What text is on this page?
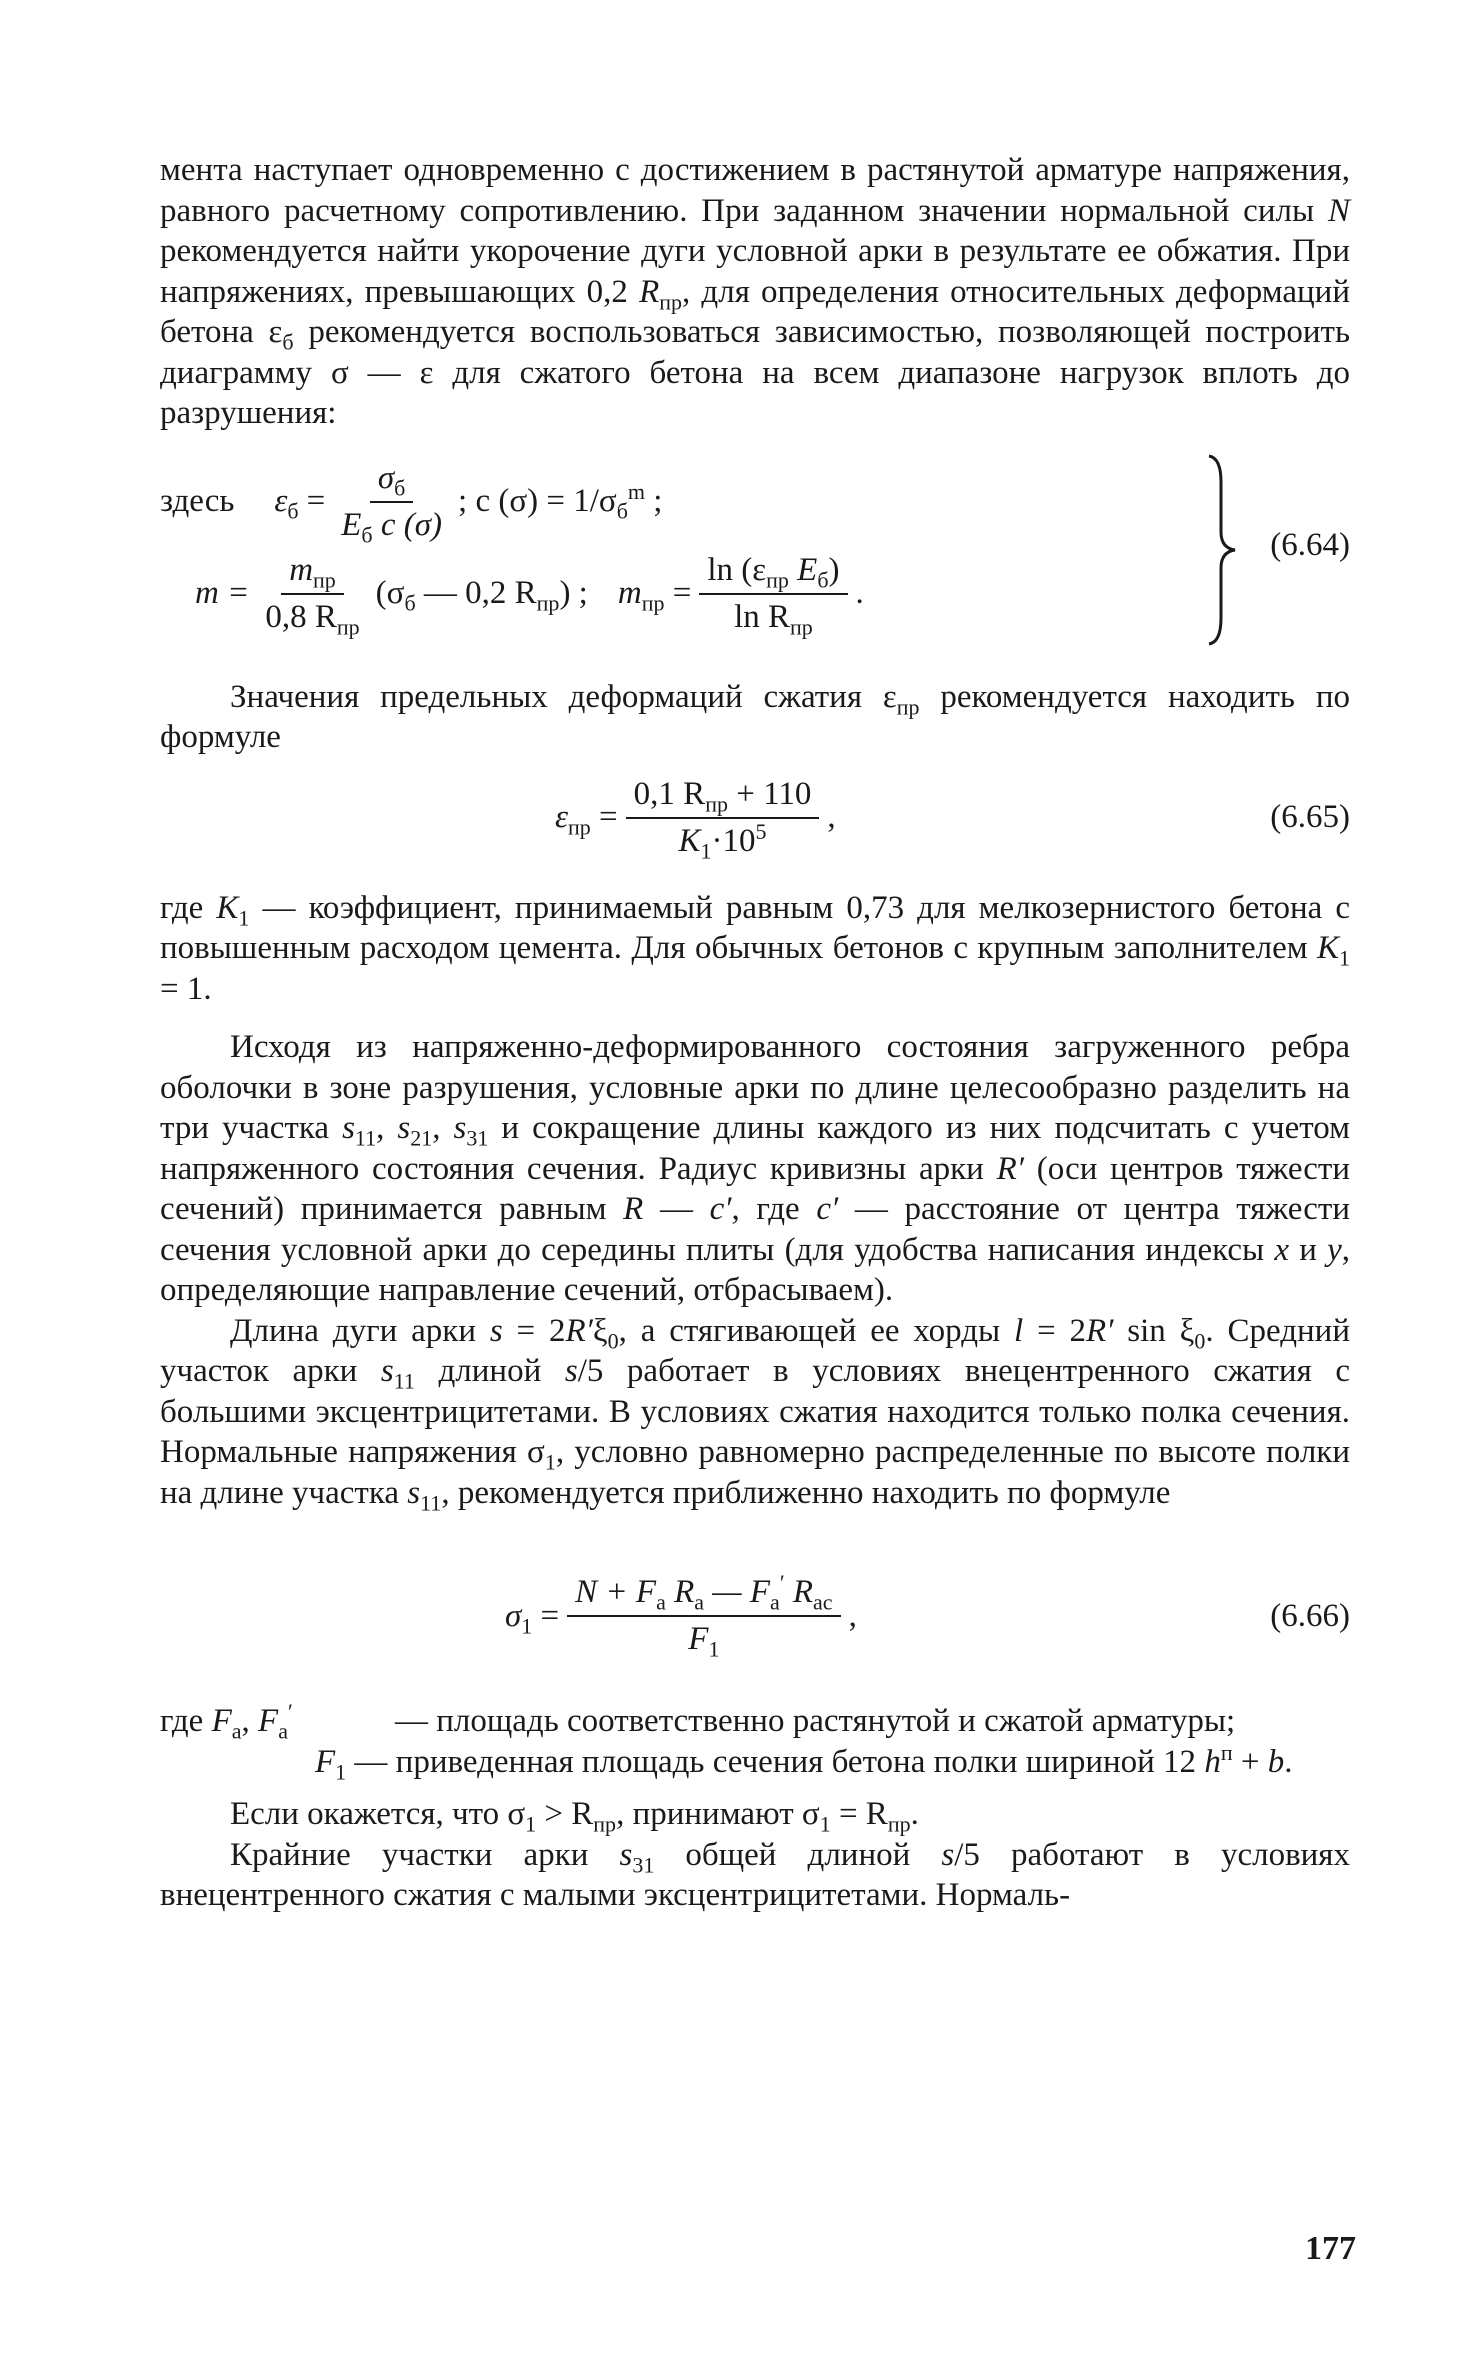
мента наступает одновременно с достижением в растянутой арматуре напряжения, равного расчетному сопротивлению. При заданном значении нормальной силы N рекомендуется найти укорочение дуги условной арки в результате ее обжатия. При напряжениях, превышающих 0,2 $R_{пр}$, для определения относительных деформаций бетона $\varepsilon_б$ рекомендуется воспользоваться зависимостью, позволяющей построить диаграмму σ — ε для сжатого бетона на всем диапазоне нагрузок вплоть до разрушения:

здесь $\varepsilon_б = \frac{\sigma_б}{E_б c (\sigma)}$ ; c $(\sigma) = 1/\sigma_б^m$ ;
$m = \frac{m_{пр}}{0,8 R_{пр}} (\sigma_б$ — 0,2 $R_{пр}$) ; $m_{пр} = \frac{\ln (\varepsilon_{пр} E_б)}{\ln R_{пр}}$ .
(6.64)

Значения предельных деформаций сжатия $\varepsilon_{пр}$ рекомендуется находить по формуле

$\varepsilon_{пр} = \frac{0,1 R_{пр} + 110}{K_1\cdot 10^5}$ ,	(6.65)

где $K_1$ — коэффициент, принимаемый равным 0,73 для мелкозернистого бетона с повышенным расходом цемента. Для обычных бетонов с крупным заполнителем $K_1 = 1$.

Исходя из напряженно-деформированного состояния загруженного ребра оболочки в зоне разрушения, условные арки по длине целесообразно разделить на три участка $s_{11}$, $s_{21}$, $s_{31}$ и сокращение длины каждого из них подсчитать с учетом напряженного состояния сечения. Радиус кривизны арки R′ (оси центров тяжести сечений) принимается равным R — c′, где c′ — расстояние от центра тяжести сечения условной арки до середины плиты (для удобства написания индексы x и y, определяющие направление сечений, отбрасываем).

Длина дуги арки $s = 2R'\xi_0$, а стягивающей ее хорды l = 2R′ $\sin \xi_0$. Средний участок арки $s_{11}$ длиной s/5 работает в условиях внецентренного сжатия с большими эксцентрицитетами. В условиях сжатия находится только полка сечения. Нормальные напряжения $\sigma_1$, условно равномерно распределенные по высоте полки на длине участка $s_{11}$, рекомендуется приближенно находить по формуле

$\sigma_1 = \frac{N + F_a R_a — F_a' R_{ac}}{F_1}$ ,	(6.66)
где $F_a$, $F_a'$	— площадь соответственно растянутой и сжатой арматуры;
$F_1$ — приведенная площадь сечения бетона полки шириной 12 $h^п + b$.

Если окажется, что $\sigma_1 > R_{пр}$, принимают $\sigma_1 = R_{пр}$.

Крайние участки арки $s_{31}$ общей длиной s/5 работают в условиях внецентренного сжатия с малыми эксцентрицитетами. Нормаль-

177
